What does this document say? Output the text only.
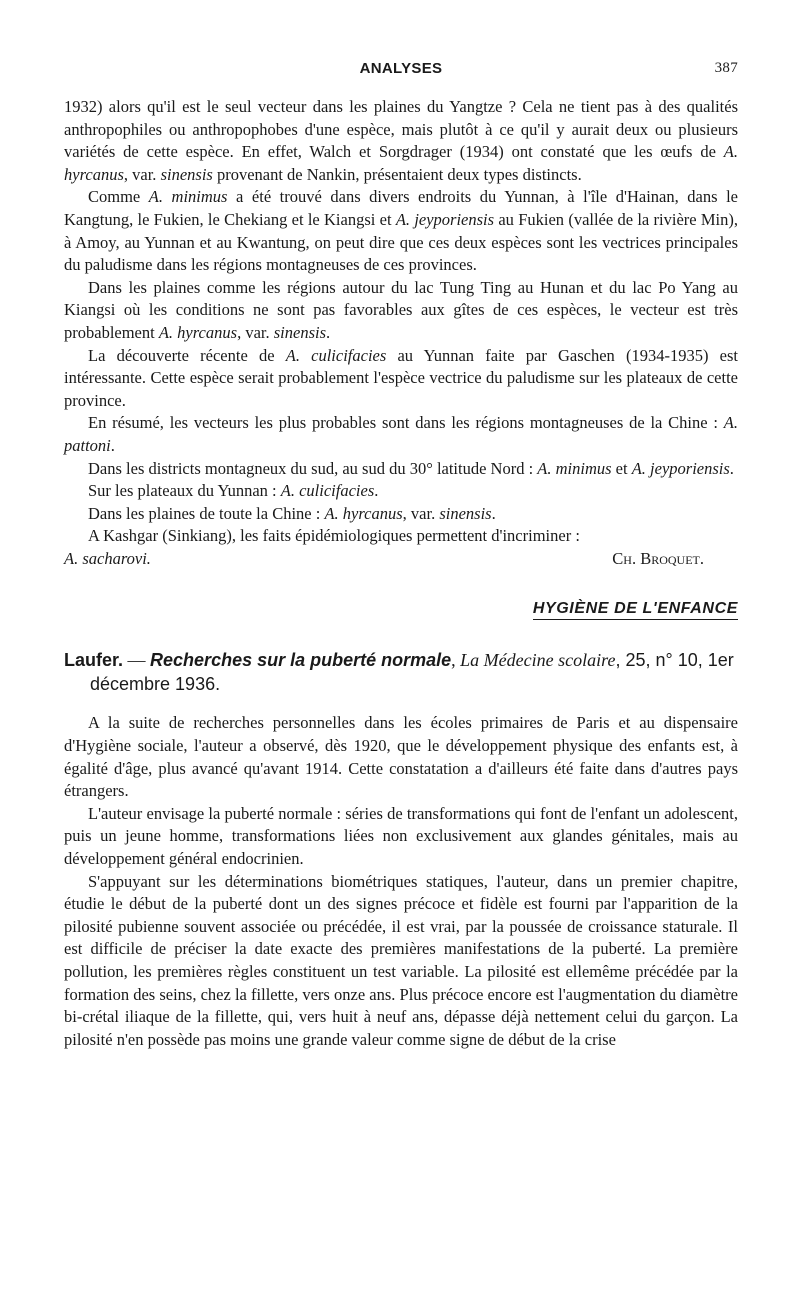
ANALYSES	387

1932) alors qu'il est le seul vecteur dans les plaines du Yangtze ? Cela ne tient pas à des qualités anthropophiles ou anthropophobes d'une espèce, mais plutôt à ce qu'il y aurait deux ou plusieurs variétés de cette espèce. En effet, Walch et Sorgdrager (1934) ont constaté que les œufs de A. hyrcanus, var. sinensis provenant de Nankin, présentaient deux types distincts.

Comme A. minimus a été trouvé dans divers endroits du Yunnan, à l'île d'Hainan, dans le Kangtung, le Fukien, le Chekiang et le Kiangsi et A. jeyporiensis au Fukien (vallée de la rivière Min), à Amoy, au Yunnan et au Kwantung, on peut dire que ces deux espèces sont les vectrices principales du paludisme dans les régions montagneuses de ces provinces.

Dans les plaines comme les régions autour du lac Tung Ting au Hunan et du lac Po Yang au Kiangsi où les conditions ne sont pas favorables aux gîtes de ces espèces, le vecteur est très probablement A. hyrcanus, var. sinensis.

La découverte récente de A. culicifacies au Yunnan faite par Gaschen (1934-1935) est intéressante. Cette espèce serait probablement l'espèce vectrice du paludisme sur les plateaux de cette province.

En résumé, les vecteurs les plus probables sont dans les régions montagneuses de la Chine : A. pattoni.

Dans les districts montagneux du sud, au sud du 30° latitude Nord : A. minimus et A. jeyporiensis.

Sur les plateaux du Yunnan : A. culicifacies.

Dans les plaines de toute la Chine : A. hyrcanus, var. sinensis.

A Kashgar (Sinkiang), les faits épidémiologiques permettent d'incriminer :

A. sacharovi.	Ch. Broquet.
HYGIÈNE DE L'ENFANCE
Laufer. — Recherches sur la puberté normale, La Médecine scolaire, 25, n° 10, 1er décembre 1936.

A la suite de recherches personnelles dans les écoles primaires de Paris et au dispensaire d'Hygiène sociale, l'auteur a observé, dès 1920, que le développement physique des enfants est, à égalité d'âge, plus avancé qu'avant 1914. Cette constatation a d'ailleurs été faite dans d'autres pays étrangers.

L'auteur envisage la puberté normale : séries de transformations qui font de l'enfant un adolescent, puis un jeune homme, transformations liées non exclusivement aux glandes génitales, mais au développement général endocrinien.

S'appuyant sur les déterminations biométriques statiques, l'auteur, dans un premier chapitre, étudie le début de la puberté dont un des signes précoce et fidèle est fourni par l'apparition de la pilosité pubienne souvent associée ou précédée, il est vrai, par la poussée de croissance staturale. Il est difficile de préciser la date exacte des premières manifestations de la puberté. La première pollution, les premières règles constituent un test variable. La pilosité est ellemême précédée par la formation des seins, chez la fillette, vers onze ans. Plus précoce encore est l'augmentation du diamètre bi-crétal iliaque de la fillette, qui, vers huit à neuf ans, dépasse déjà nettement celui du garçon. La pilosité n'en possède pas moins une grande valeur comme signe de début de la crise
